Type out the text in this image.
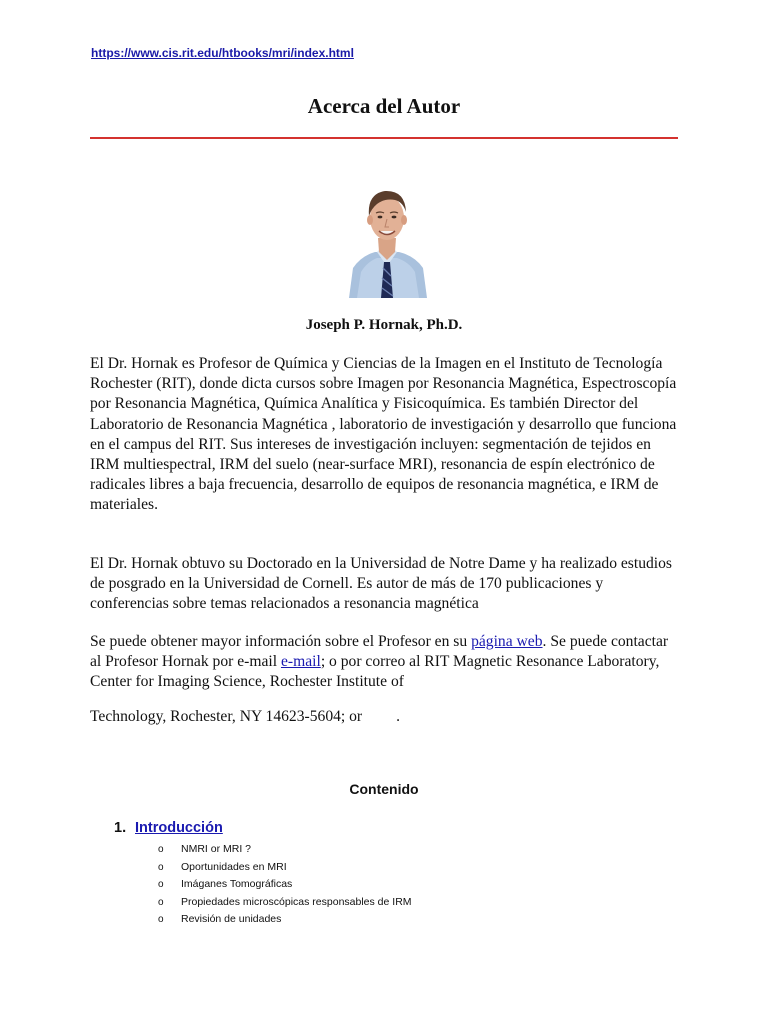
https://www.cis.rit.edu/htbooks/mri/index.html
Acerca del Autor
Joseph P. Hornak, Ph.D.

El Dr. Hornak es Profesor de Química y Ciencias de la Imagen en el Instituto de Tecnología Rochester (RIT), donde dicta cursos sobre Imagen por Resonancia Magnética, Espectroscopía por Resonancia Magnética, Química Analítica y Fisicoquímica. Es también Director del Laboratorio de Resonancia Magnética , laboratorio de investigación y desarrollo que funciona en el campus del RIT. Sus intereses de investigación incluyen: segmentación de tejidos en IRM multiespectral, IRM del suelo (near-surface MRI), resonancia de espín electrónico de radicales libres a baja frecuencia, desarrollo de equipos de resonancia magnética, e IRM de materiales.

El Dr. Hornak obtuvo su Doctorado en la Universidad de Notre Dame y ha realizado estudios de posgrado en la Universidad de Cornell. Es autor de más de 170 publicaciones y conferencias sobre temas relacionados a resonancia magnética

Se puede obtener mayor información sobre el Profesor en su página web. Se puede contactar al Profesor Hornak por e-mail e-mail; o por correo al RIT Magnetic Resonance Laboratory, Center for Imaging Science, Rochester Institute of

Technology, Rochester, NY 14623-5604; or .

Contenido
1. Introducción
o NMRI or MRI ?
o Oportunidades en MRI
o Imáganes Tomográficas
o Propiedades microscópicas responsables de IRM
o Revisión de unidades
